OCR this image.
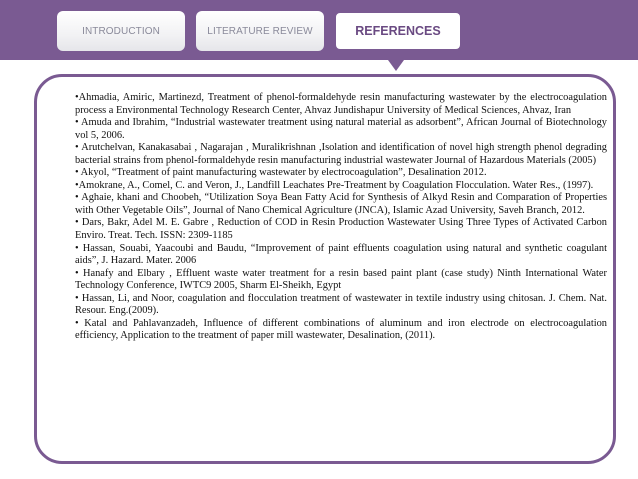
INTRODUCTION	LITERATURE REVIEW	REFERENCES

•Ahmadia, Amiric, Martinezd, Treatment of phenol-formaldehyde resin manufacturing wastewater by the electrocoagulation process a Environmental Technology Research Center, Ahvaz Jundishapur University of Medical Sciences, Ahvaz, Iran

• Amuda and Ibrahim, “Industrial wastewater treatment using natural material as adsorbent”, African Journal of Biotechnology vol 5, 2006.

• Arutchelvan, Kanakasabai , Nagarajan , Muralikrishnan ,Isolation and identification of novel high strength phenol degrading bacterial strains from phenol-formaldehyde resin manufacturing industrial wastewater Journal of Hazardous Materials (2005)

• Akyol, “Treatment of paint manufacturing wastewater by electrocoagulation”, Desalination 2012.

•Amokrane, A., Comel, C. and Veron, J., Landfill Leachates Pre-Treatment by Coagulation Flocculation. Water Res., (1997).

• Aghaie, khani and Choobeh, “Utilization Soya Bean Fatty Acid for Synthesis of Alkyd Resin and Comparation of Properties with Other Vegetable Oils”, Journal of Nano Chemical Agriculture (JNCA), Islamic Azad University, Saveh Branch, 2012.

• Dars, Bakr, Adel M. E. Gabre , Reduction of COD in Resin Production Wastewater Using Three Types of Activated Carbon Enviro. Treat. Tech. ISSN: 2309-1185

• Hassan, Souabi, Yaacoubi and Baudu, “Improvement of paint effluents coagulation using natural and synthetic coagulant aids”, J. Hazard. Mater. 2006

• Hanafy and Elbary , Effluent waste water treatment for a resin based paint plant (case study) Ninth International Water Technology Conference, IWTC9 2005, Sharm El-Sheikh, Egypt

• Hassan, Li, and Noor, coagulation and flocculation treatment of wastewater in textile industry using chitosan. J. Chem. Nat. Resour. Eng.(2009).

• Katal and Pahlavanzadeh, Influence of different combinations of aluminum and iron electrode on electrocoagulation efficiency, Application to the treatment of paper mill wastewater, Desalination, (2011).
